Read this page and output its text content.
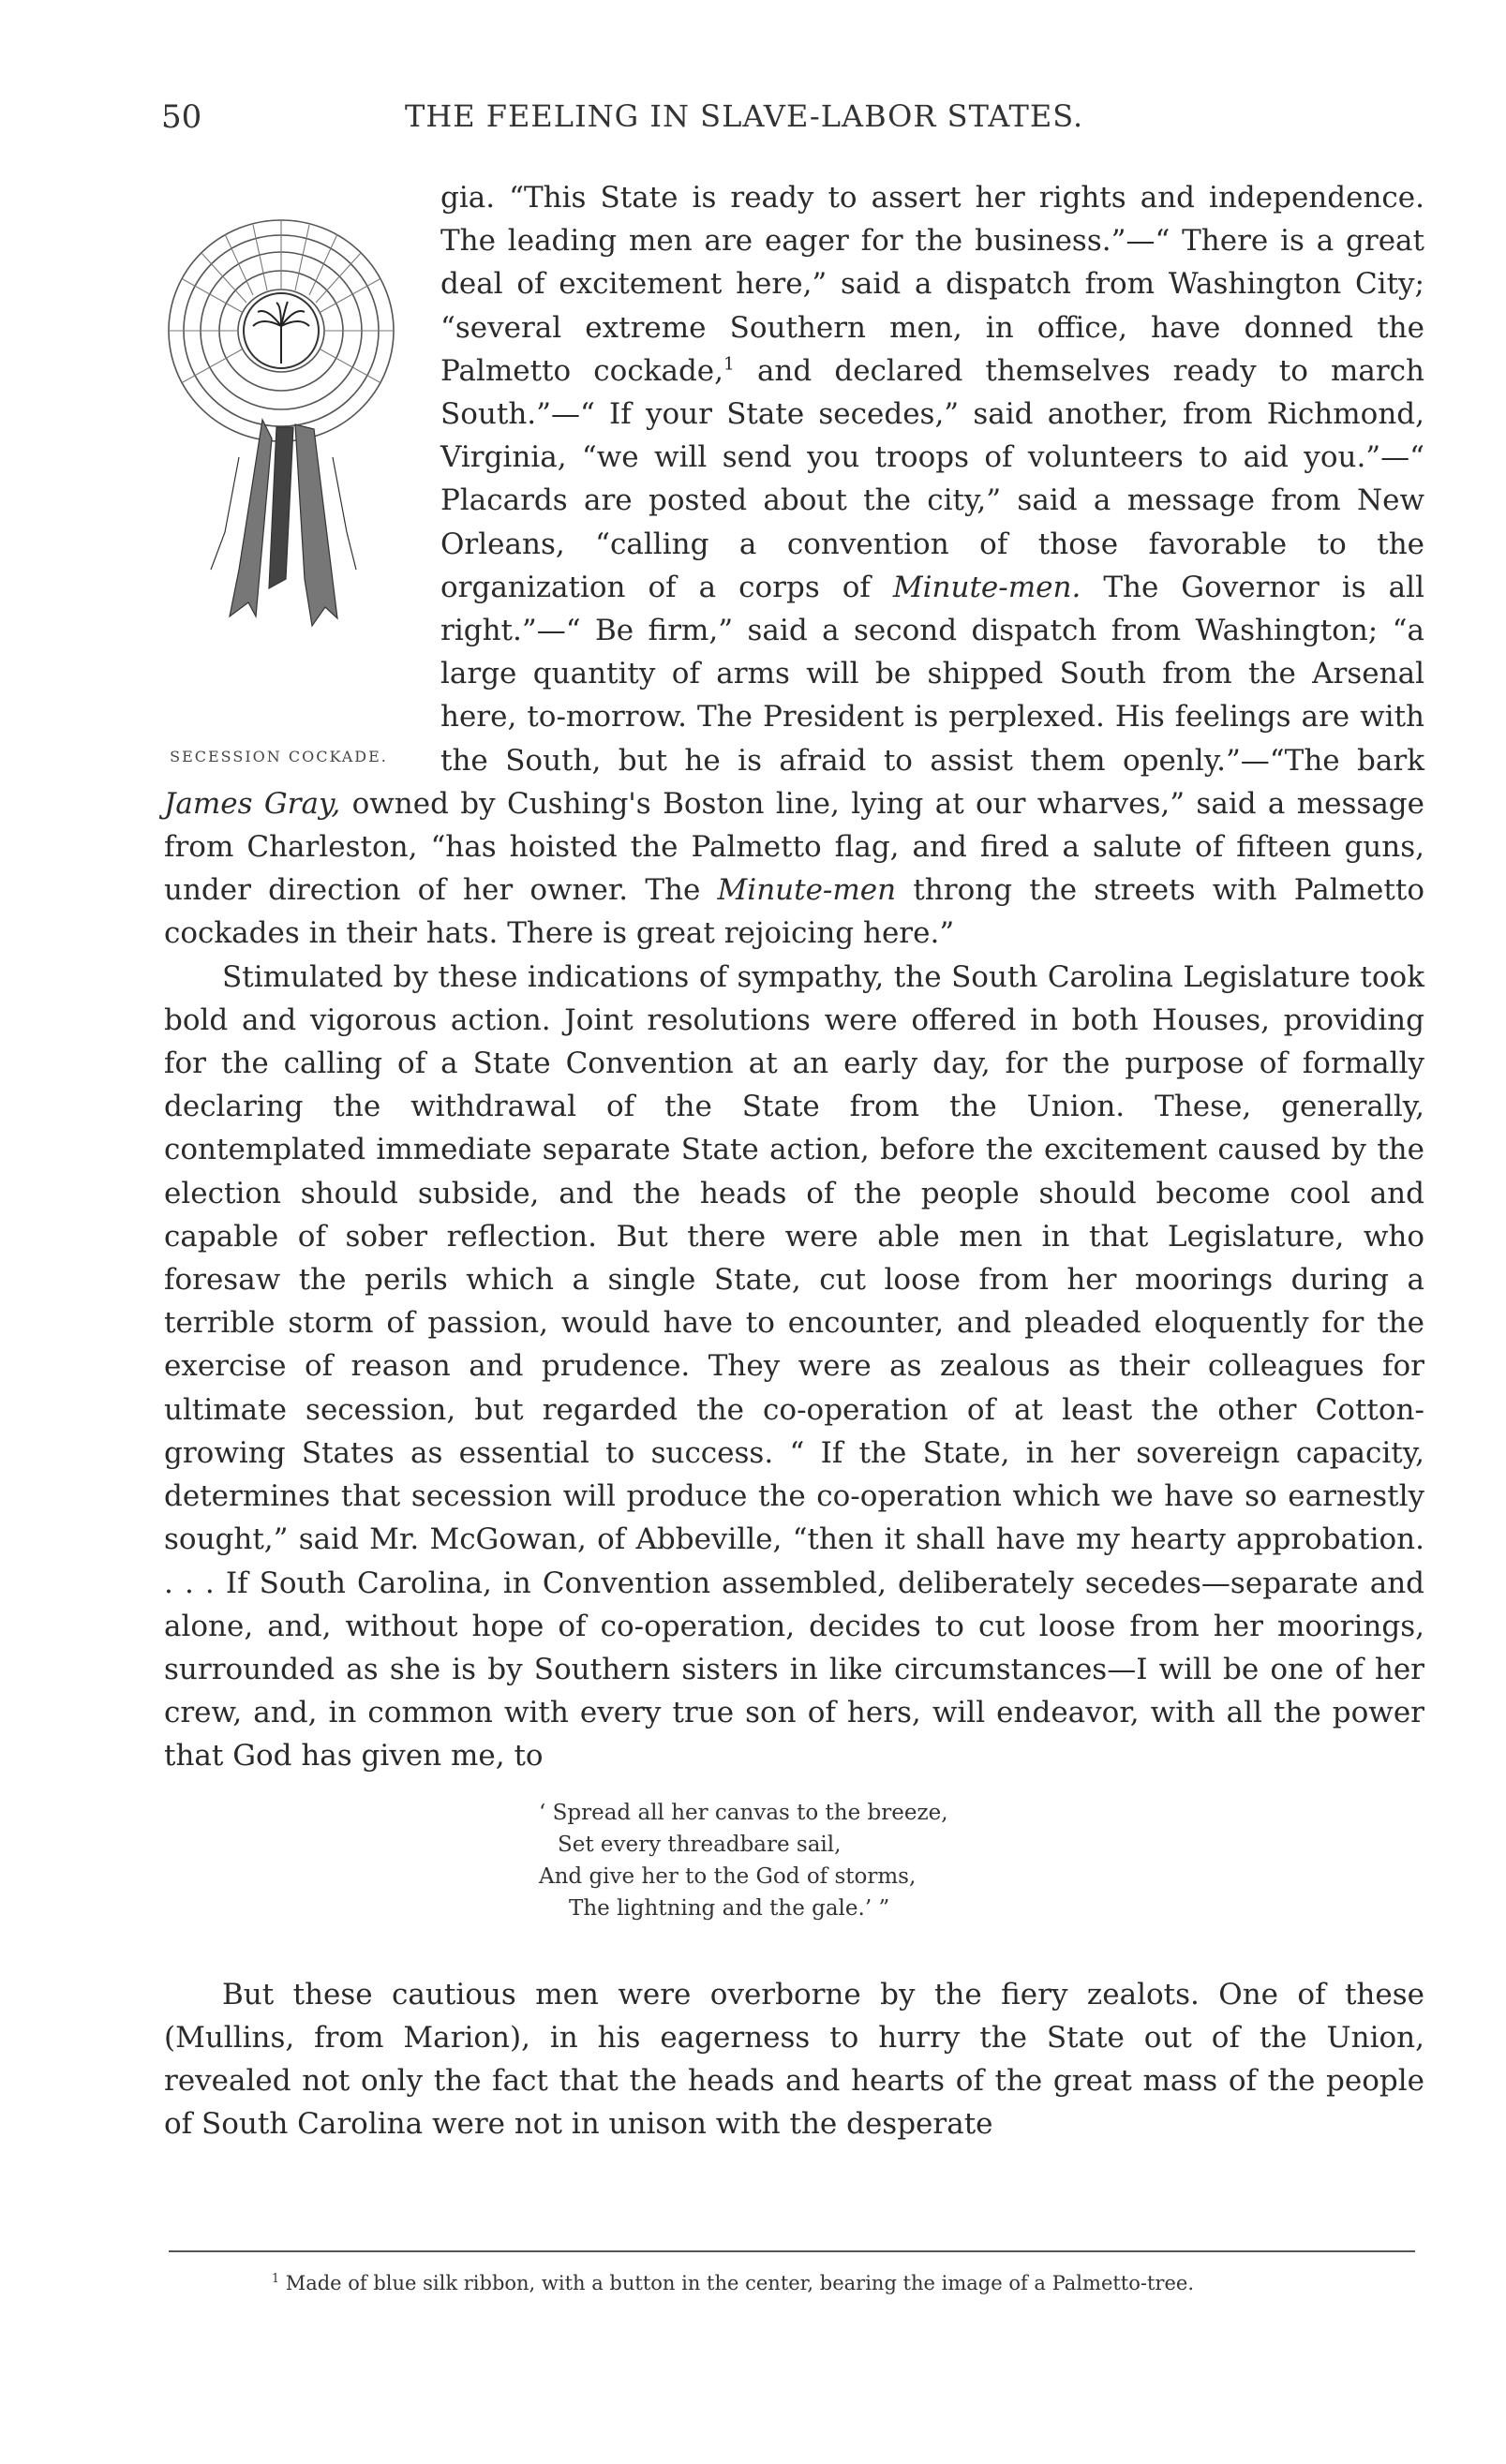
50	THE FEELING IN SLAVE-LABOR STATES.
SECESSION COCKADE.

gia. “This State is ready to assert her rights and independence. The leading men are eager for the business.”—“ There is a great deal of excitement here,” said a dispatch from Washington City; “several extreme Southern men, in office, have donned the Palmetto cockade,$^1$ and declared themselves ready to march South.”—“ If your State secedes,” said another, from Richmond, Virginia, “we will send you troops of volunteers to aid you.”—“ Placards are posted about the city,” said a message from New Orleans, “calling a convention of those favorable to the organization of a corps of Minute-men. The Governor is all right.”—“ Be firm,” said a second dispatch from Washington; “a large quantity of arms will be shipped South from the Arsenal here, to-morrow. The President is perplexed. His feelings are with the South, but he is afraid to assist them openly.”—“The bark James Gray, owned by Cushing's Boston line, lying at our wharves,” said a message from Charleston, “has hoisted the Palmetto flag, and fired a salute of fifteen guns, under direction of her owner. The Minute-men throng the streets with Palmetto cockades in their hats. There is great rejoicing here.”

Stimulated by these indications of sympathy, the South Carolina Legislature took bold and vigorous action. Joint resolutions were offered in both Houses, providing for the calling of a State Convention at an early day, for the purpose of formally declaring the withdrawal of the State from the Union. These, generally, contemplated immediate separate State action, before the excitement caused by the election should subside, and the heads of the people should become cool and capable of sober reflection. But there were able men in that Legislature, who foresaw the perils which a single State, cut loose from her moorings during a terrible storm of passion, would have to encounter, and pleaded eloquently for the exercise of reason and prudence. They were as zealous as their colleagues for ultimate secession, but regarded the co-operation of at least the other Cotton-growing States as essential to success. “ If the State, in her sovereign capacity, determines that secession will produce the co-operation which we have so earnestly sought,” said Mr. McGowan, of Abbeville, “then it shall have my hearty approbation. . . . If South Carolina, in Convention assembled, deliberately secedes—separate and alone, and, without hope of co-operation, decides to cut loose from her moorings, surrounded as she is by Southern sisters in like circumstances—I will be one of her crew, and, in common with every true son of hers, will endeavor, with all the power that God has given me, to

‘ Spread all her canvas to the breeze,
Set every threadbare sail,
And give her to the God of storms,
The lightning and the gale.’ ”

But these cautious men were overborne by the fiery zealots. One of these (Mullins, from Marion), in his eagerness to hurry the State out of the Union, revealed not only the fact that the heads and hearts of the great mass of the people of South Carolina were not in unison with the desperate

$^1$ Made of blue silk ribbon, with a button in the center, bearing the image of a Palmetto-tree.
